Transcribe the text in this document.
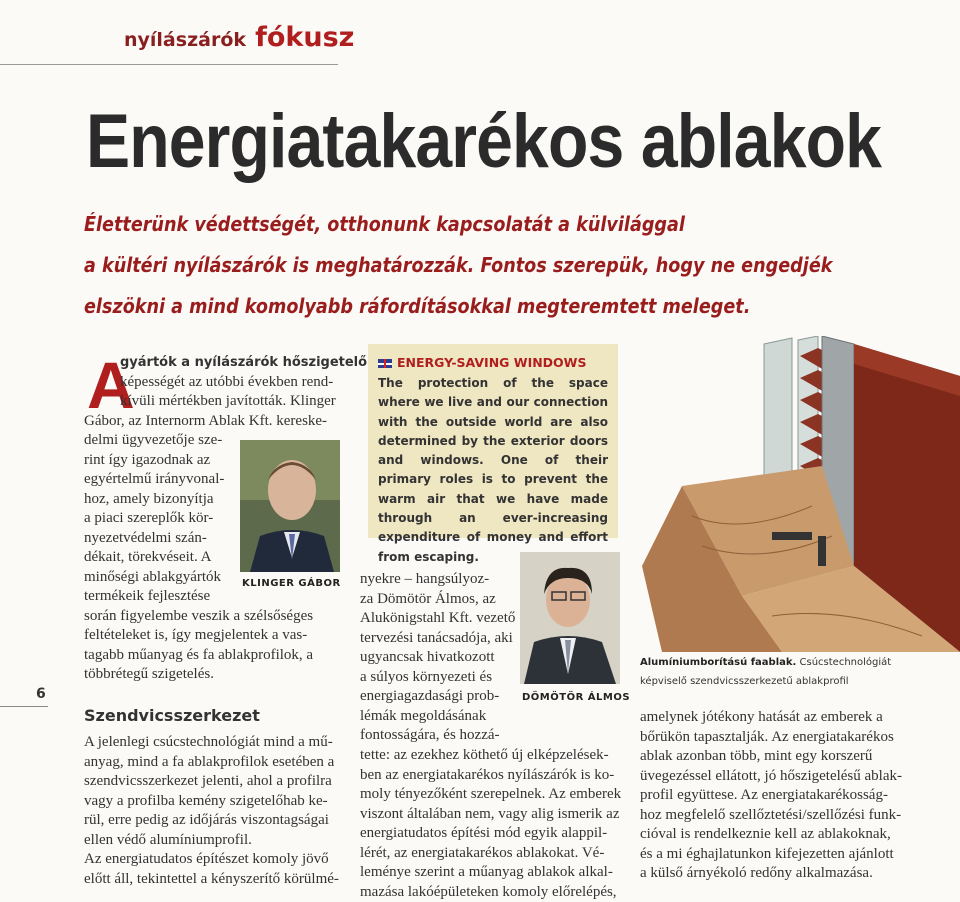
nyílászárók fókusz
Energiatakarékos ablakok
Életterünk védettségét, otthonunk kapcsolatát a külvilággal
a kültéri nyílászárók is meghatározzák. Fontos szerepük, hogy ne engedjék
elszökni a mind komolyabb ráfordításokkal megteremtett meleget.
A
gyártók a nyílászárók hőszigetelő
képességét az utóbbi években rend-
kívüli mértékben javították. Klinger
Gábor, az Internorm Ablak Kft. kereske-
delmi ügyvezetője sze-
rint így igazodnak az
egyértelmű irányvonal-
hoz, amely bizonyítja
a piaci szereplők kör-
nyezetvédelmi szán-
dékait, törekvéseit. A
minőségi ablakgyártók
termékeik fejlesztése
során figyelembe veszik a szélsőséges
feltételeket is, így megjelentek a vas-
tagabb műanyag és fa ablakprofilok, a
többrétegű szigetelés.
KLINGER GÁBOR
Szendvicsszerkezet
A jelenlegi csúcstechnológiát mind a mű-
anyag, mind a fa ablakprofilok esetében a
szendvicsszerkezet jelenti, ahol a profilra
vagy a profilba kemény szigetelőhab ke-
rül, erre pedig az időjárás viszontagságai
ellen védő alumíniumprofil.
Az energiatudatos építészet komoly jövő
előtt áll, tekintettel a kényszerítő körülmé-
6
ENERGY-SAVING WINDOWS
The protection of the space where we live and our connection with the outside world are also determined by the exterior doors and windows. One of their primary roles is to prevent the warm air that we have made through an ever-increasing expenditure of money and effort from escaping.
nyekre – hangsúlyoz-
za Dömötör Álmos, az
Alukönigstahl Kft. vezető
tervezési tanácsadója, aki
ugyancsak hivatkozott
a súlyos környezeti és
energiagazdasági prob-
lémák megoldásának
fontosságára, és hozzá-
DÖMÖTÖR ÁLMOS
tette: az ezekhez köthető új elképzelések-
ben az energiatakarékos nyílászárók is ko-
moly tényezőként szerepelnek. Az emberek
viszont általában nem, vagy alig ismerik az
energiatudatos építési mód egyik alappil-
lérét, az energiatakarékos ablakokat. Vé-
leménye szerint a műanyag ablakok alkal-
mazása lakóépületeken komoly előrelépés,
Alumíniumborítású faablak. Csúcstechnológiát képviselő szendvicsszerkezetű ablakprofil
amelynek jótékony hatását az emberek a
bőrükön tapasztalják. Az energiatakarékos
ablak azonban több, mint egy korszerű
üvegezéssel ellátott, jó hőszigetelésű ablak-
profil együttese. Az energiatakarékosság-
hoz megfelelő szellőztetési/szellőzési funk-
cióval is rendelkeznie kell az ablakoknak,
és a mi éghajlatunkon kifejezetten ajánlott
a külső árnyékoló redőny alkalmazása.
